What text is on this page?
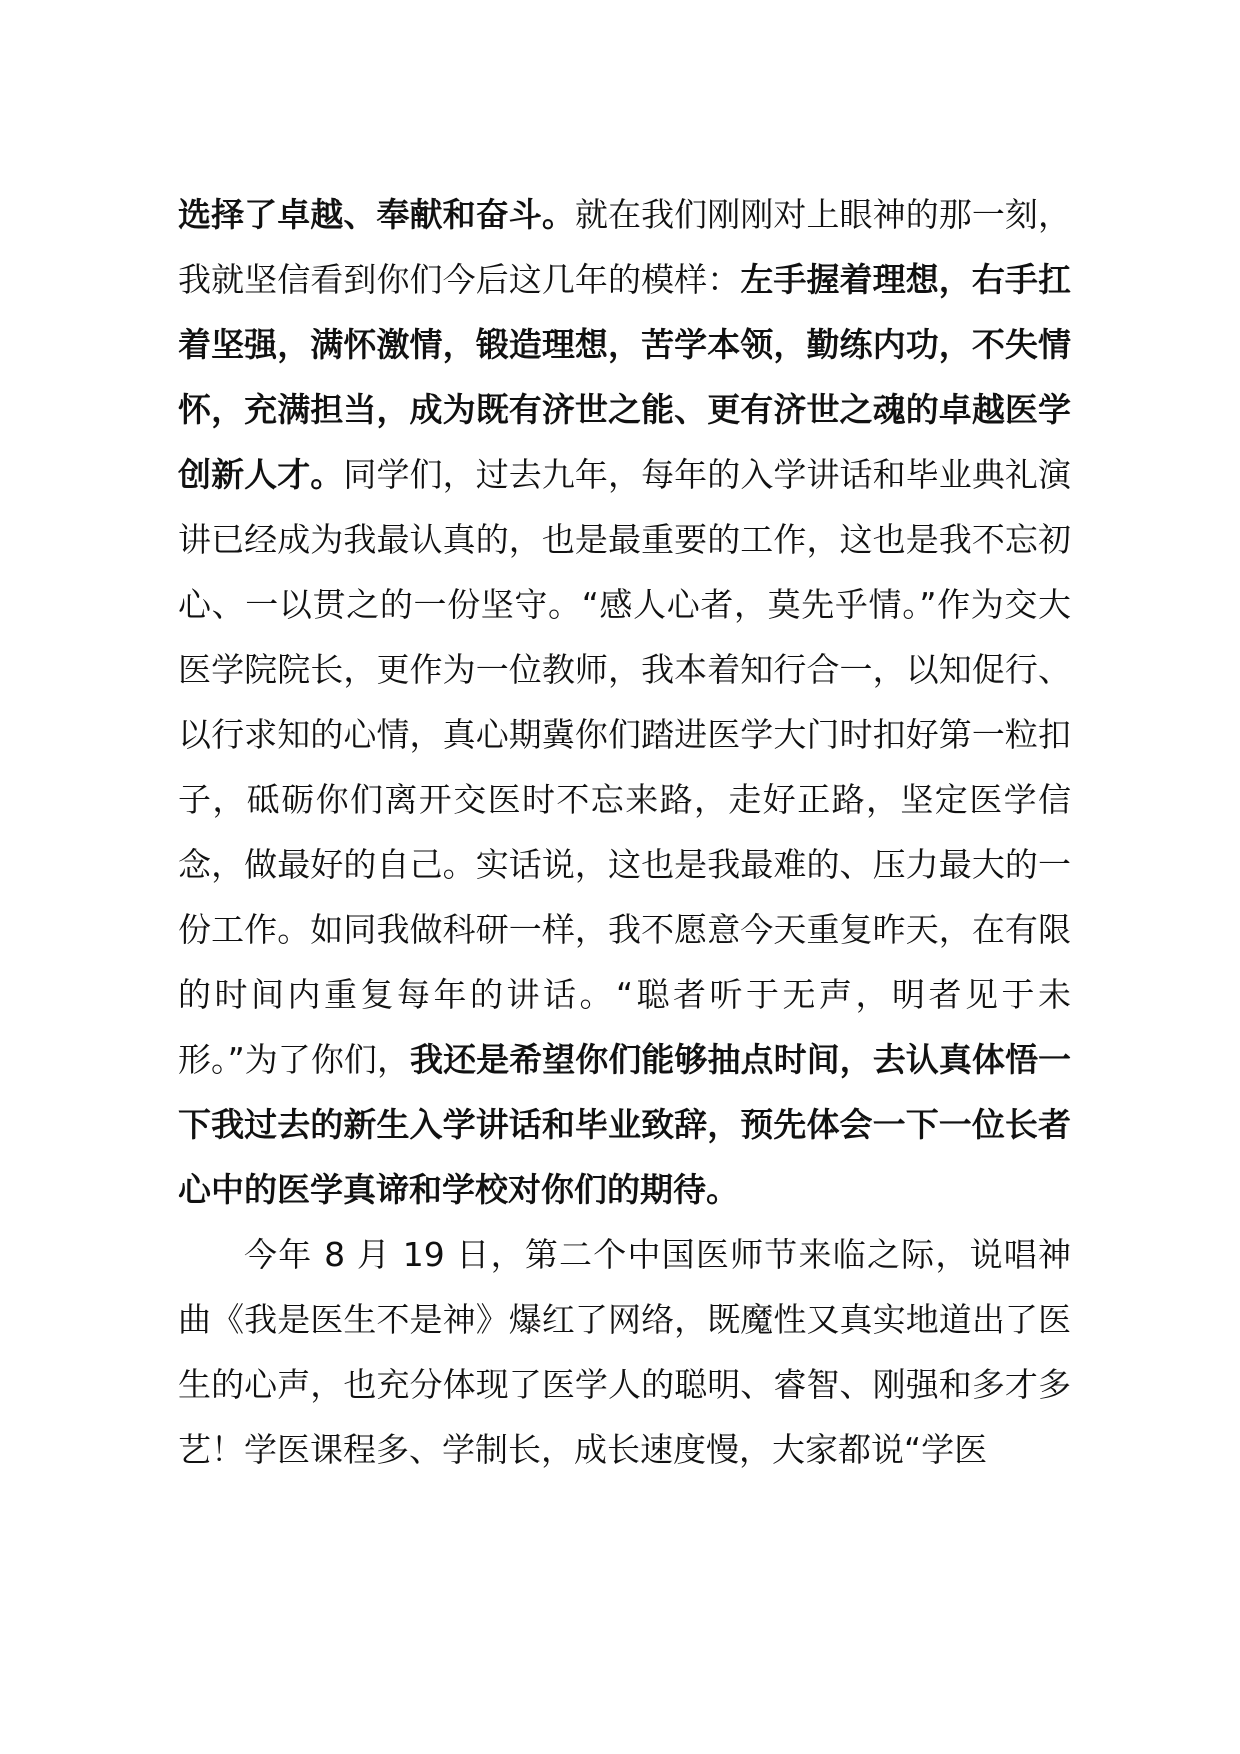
选择了卓越、奉献和奋斗。就在我们刚刚对上眼神的那一刻，我就坚信看到你们今后这几年的模样：左手握着理想，右手扛着坚强，满怀激情，锻造理想，苦学本领，勤练内功，不失情怀，充满担当，成为既有济世之能、更有济世之魂的卓越医学创新人才。同学们，过去九年，每年的入学讲话和毕业典礼演讲已经成为我最认真的，也是最重要的工作，这也是我不忘初心、一以贯之的一份坚守。“感人心者，莫先乎情。”作为交大医学院院长，更作为一位教师，我本着知行合一，以知促行、以行求知的心情，真心期冀你们踏进医学大门时扣好第一粒扣子，砥砺你们离开交医时不忘来路，走好正路，坚定医学信念，做最好的自己。实话说，这也是我最难的、压力最大的一份工作。如同我做科研一样，我不愿意今天重复昨天，在有限的时间内重复每年的讲话。“聪者听于无声，明者见于未形。”为了你们，我还是希望你们能够抽点时间，去认真体悟一下我过去的新生入学讲话和毕业致辞，预先体会一下一位长者心中的医学真谛和学校对你们的期待。

今年 8 月 19 日，第二个中国医师节来临之际，说唱神曲《我是医生不是神》爆红了网络，既魔性又真实地道出了医生的心声，也充分体现了医学人的聪明、睿智、刚强和多才多艺！学医课程多、学制长，成长速度慢，大家都说“学医
